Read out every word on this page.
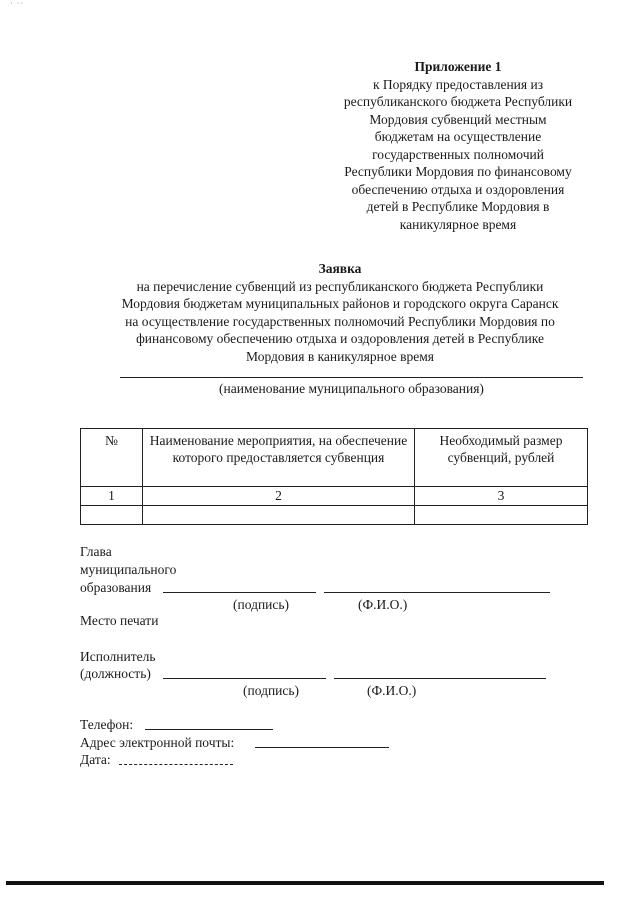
· ··
Приложение 1
к Порядку предоставления из
республиканского бюджета Республики
Мордовия субвенций местным
бюджетам на осуществление
государственных полномочий
Республики Мордовия по финансовому
обеспечению отдыха и оздоровления
детей в Республике Мордовия в
каникулярное время
Заявка
на перечисление субвенций из республиканского бюджета Республики
Мордовия бюджетам муниципальных районов и городского округа Саранск
на осуществление государственных полномочий Республики Мордовия по
финансовому обеспечению отдыха и оздоровления детей в Республике
Мордовия в каникулярное время
(наименование муниципального образования)
№	Наименование мероприятия, на обеспечение которого предоставляется субвенция	Необходимый размер субвенций, рублей
1	2	3

Глава
муниципального
образования
(подпись)	(Ф.И.О.)
Место печати
Исполнитель
(должность)
(подпись)	(Ф.И.О.)
Телефон:
Адрес электронной почты:
Дата:
